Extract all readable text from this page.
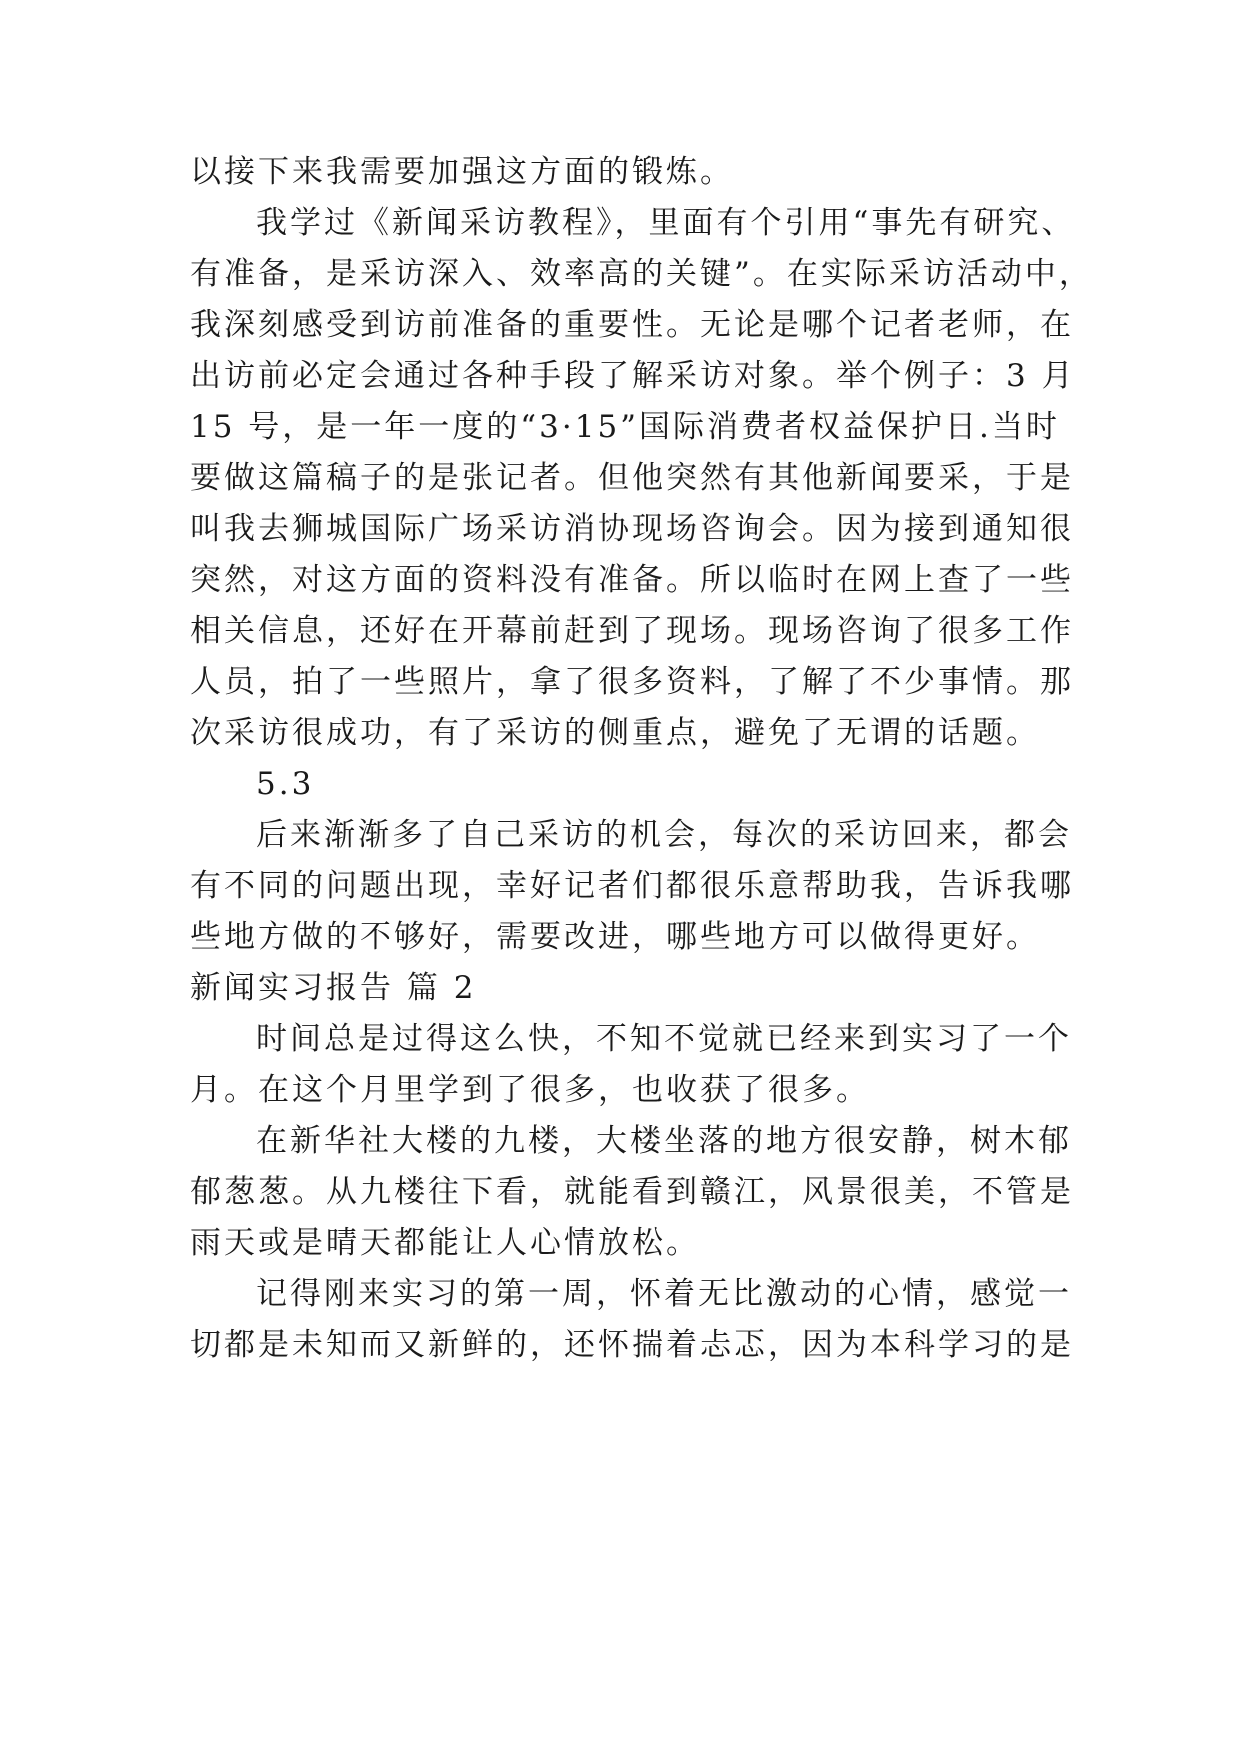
以接下来我需要加强这方面的锻炼。
我学过《新闻采访教程》，里面有个引用“事先有研究、
有准备，是采访深入、效率高的关键”。在实际采访活动中，
我深刻感受到访前准备的重要性。无论是哪个记者老师，在
出访前必定会通过各种手段了解采访对象。举个例子：3 月
15 号，是一年一度的“3·15”国际消费者权益保护日.当时
要做这篇稿子的是张记者。但他突然有其他新闻要采，于是
叫我去狮城国际广场采访消协现场咨询会。因为接到通知很
突然，对这方面的资料没有准备。所以临时在网上查了一些
相关信息，还好在开幕前赶到了现场。现场咨询了很多工作
人员，拍了一些照片，拿了很多资料，了解了不少事情。那
次采访很成功，有了采访的侧重点，避免了无谓的话题。
5.3
后来渐渐多了自己采访的机会，每次的采访回来，都会
有不同的问题出现，幸好记者们都很乐意帮助我，告诉我哪
些地方做的不够好，需要改进，哪些地方可以做得更好。
新闻实习报告 篇 2
时间总是过得这么快，不知不觉就已经来到实习了一个
月。在这个月里学到了很多，也收获了很多。
在新华社大楼的九楼，大楼坐落的地方很安静，树木郁
郁葱葱。从九楼往下看，就能看到赣江，风景很美，不管是
雨天或是晴天都能让人心情放松。
记得刚来实习的第一周，怀着无比激动的心情，感觉一
切都是未知而又新鲜的，还怀揣着忐忑，因为本科学习的是
